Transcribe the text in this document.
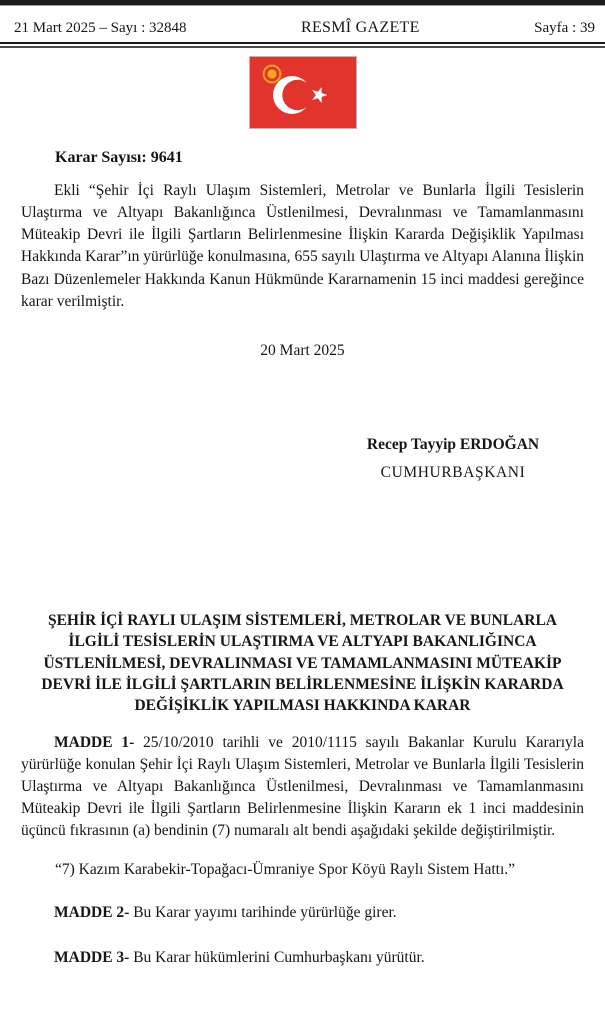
21 Mart 2025 – Sayı : 32848	RESMÎ GAZETE	Sayfa : 39
Karar Sayısı: 9641

Ekli “Şehir İçi Raylı Ulaşım Sistemleri, Metrolar ve Bunlarla İlgili Tesislerin Ulaştırma ve Altyapı Bakanlığınca Üstlenilmesi, Devralınması ve Tamamlanmasını Müteakip Devri ile İlgili Şartların Belirlenmesine İlişkin Kararda Değişiklik Yapılması Hakkında Karar”ın yürürlüğe konulmasına, 655 sayılı Ulaştırma ve Altyapı Alanına İlişkin Bazı Düzenlemeler Hakkında Kanun Hükmünde Kararnamenin 15 inci maddesi gereğince karar verilmiştir.

20 Mart 2025
Recep Tayyip ERDOĞAN
CUMHURBAŞKANI
ŞEHİR İÇİ RAYLI ULAŞIM SİSTEMLERİ, METROLAR VE BUNLARLA İLGİLİ TESİSLERİN ULAŞTIRMA VE ALTYAPI BAKANLIĞINCA ÜSTLENİLMESİ, DEVRALINMASI VE TAMAMLANMASINI MÜTEAKİP DEVRİ İLE İLGİLİ ŞARTLARIN BELİRLENMESİNE İLİŞKİN KARARDA DEĞİŞİKLİK YAPILMASI HAKKINDA KARAR

MADDE 1- 25/10/2010 tarihli ve 2010/1115 sayılı Bakanlar Kurulu Kararıyla yürürlüğe konulan Şehir İçi Raylı Ulaşım Sistemleri, Metrolar ve Bunlarla İlgili Tesislerin Ulaştırma ve Altyapı Bakanlığınca Üstlenilmesi, Devralınması ve Tamamlanmasını Müteakip Devri ile İlgili Şartların Belirlenmesine İlişkin Kararın ek 1 inci maddesinin üçüncü fıkrasının (a) bendinin (7) numaralı alt bendi aşağıdaki şekilde değiştirilmiştir.

“7) Kazım Karabekir-Topağacı-Ümraniye Spor Köyü Raylı Sistem Hattı.”

MADDE 2- Bu Karar yayımı tarihinde yürürlüğe girer.

MADDE 3- Bu Karar hükümlerini Cumhurbaşkanı yürütür.
